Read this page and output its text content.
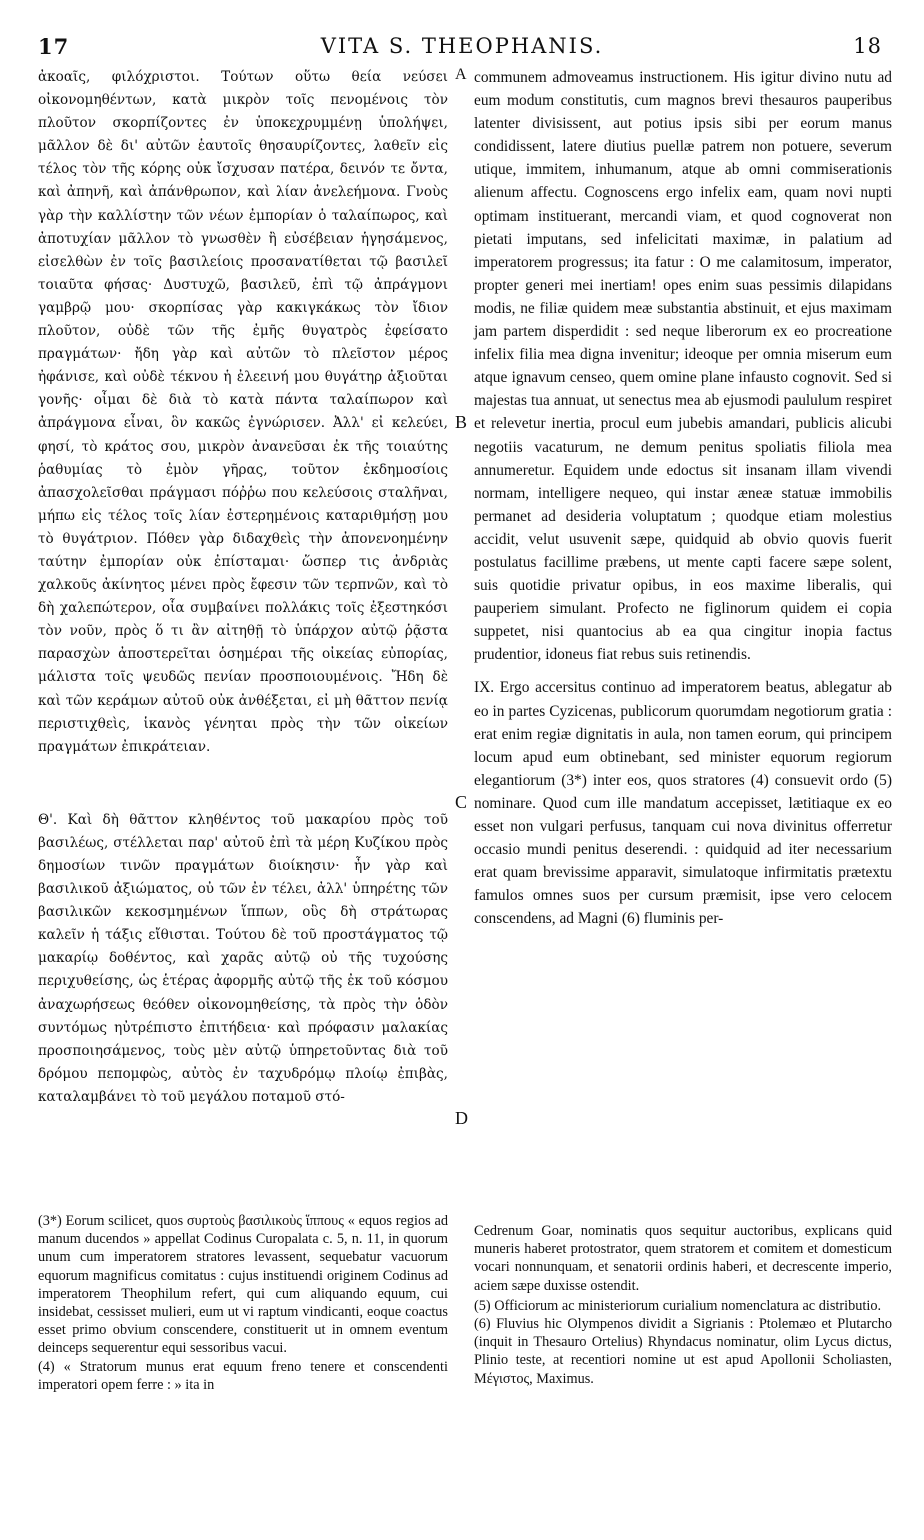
17	VITA S. THEOPHANIS.	18

ἀκοαῖς, φιλόχριστοι. Τούτων οὕτω θεία νεύσει οἰκονομηθέντων, κατὰ μικρὸν τοῖς πενομένοις τὸν πλοῦτον σκορπίζοντες ἐν ὑποκεχρυμμένῃ ὑπολήψει, μᾶλλον δὲ δι' αὐτῶν ἑαυτοῖς θησαυρίζοντες, λαθεῖν εἰς τέλος τὸν τῆς κόρης οὐκ ἴσχυσαν πατέρα, δεινόν τε ὄντα, καὶ ἀπηνῆ, καὶ ἀπάνθρωπον, καὶ λίαν ἀνελεήμονα. Γνοὺς γὰρ τὴν καλλίστην τῶν νέων ἐμπορίαν ὁ ταλαίπωρος, καὶ ἀποτυχίαν μᾶλλον τὸ γνωσθὲν ἢ εὐσέβειαν ἡγησάμενος, εἰσελθὼν ἐν τοῖς βασιλείοις προσανατίθεται τῷ βασιλεῖ τοιαῦτα φήσας· Δυστυχῶ, βασιλεῦ, ἐπὶ τῷ ἀπράγμονι γαμβρῷ μου· σκορπίσας γὰρ κακιγκάκως τὸν ἴδιον πλοῦτον, οὐδὲ τῶν τῆς ἐμῆς θυγατρὸς ἐφείσατο πραγμάτων· ἤδη γὰρ καὶ αὐτῶν τὸ πλεῖστον μέρος ἠφάνισε, καὶ οὐδὲ τέκνου ἡ ἐλεεινή μου θυγάτηρ ἀξιοῦται γονῆς· οἶμαι δὲ διὰ τὸ κατὰ πάντα ταλαίπωρον καὶ ἀπράγμονα εἶναι, ὃν κακῶς ἐγνώρισεν. Ἀλλ' εἰ κελεύει, φησί, τὸ κράτος σου, μικρὸν ἀνανεῦσαι ἐκ τῆς τοιαύτης ῥαθυμίας τὸ ἐμὸν γῆρας, τοῦτον ἐκδημοσίοις ἀπασχολεῖσθαι πράγμασι πόῤῥω που κελεύσοις σταλῆναι, μήπω εἰς τέλος τοῖς λίαν ἐστερημένοις καταριθμήσῃ μου τὸ θυγάτριον. Πόθεν γὰρ διδαχθεὶς τὴν ἀπονενοημένην ταύτην ἐμπορίαν οὐκ ἐπίσταμαι· ὥσπερ τις ἀνδριὰς χαλκοῦς ἀκίνητος μένει πρὸς ἔφεσιν τῶν τερπνῶν, καὶ τὸ δὴ χαλεπώτερον, οἷα συμβαίνει πολλάκις τοῖς ἐξεστηκόσι τὸν νοῦν, πρὸς ὅ τι ἂν αἰτηθῇ τὸ ὑπάρχον αὐτῷ ῥᾷστα παρασχὼν ἀποστερεῖται ὁσημέραι τῆς οἰκείας εὐπορίας, μάλιστα τοῖς ψευδῶς πενίαν προσποιουμένοις. Ἤδη δὲ καὶ τῶν κεράμων αὐτοῦ οὐκ ἀνθέξεται, εἰ μὴ θᾶττον πενίᾳ περιστιχθεὶς, ἱκανὸς γένηται πρὸς τὴν τῶν οἰκείων πραγμάτων ἐπικράτειαν.

Θ'. Καὶ δὴ θᾶττον κληθέντος τοῦ μακαρίου πρὸς τοῦ βασιλέως, στέλλεται παρ' αὐτοῦ ἐπὶ τὰ μέρη Κυζίκου πρὸς δημοσίων τινῶν πραγμάτων διοίκησιν· ἦν γὰρ καὶ βασιλικοῦ ἀξιώματος, οὐ τῶν ἐν τέλει, ἀλλ' ὑπηρέτης τῶν βασιλικῶν κεκοσμημένων ἵππων, οὓς δὴ στράτωρας καλεῖν ἡ τάξις εἴθισται. Τούτου δὲ τοῦ προστάγματος τῷ μακαρίῳ δοθέντος, καὶ χαρᾶς αὐτῷ οὐ τῆς τυχούσης περιχυθείσης, ὡς ἑτέρας ἀφορμῆς αὐτῷ τῆς ἐκ τοῦ κόσμου ἀναχωρήσεως θεόθεν οἰκονομηθείσης, τὰ πρὸς τὴν ὁδὸν συντόμως ηὐτρέπιστο ἐπιτήδεια· καὶ πρόφασιν μαλακίας προσποιησάμενος, τοὺς μὲν αὐτῷ ὑπηρετοῦντας διὰ τοῦ δρόμου πεπομφὼς, αὐτὸς ἐν ταχυδρόμῳ πλοίῳ ἐπιβὰς, καταλαμβάνει τὸ τοῦ μεγάλου ποταμοῦ στό-

A
B
C
D

communem admoveamus instructionem. His igitur divino nutu ad eum modum constitutis, cum magnos brevi thesauros pauperibus latenter divisissent, aut potius ipsis sibi per eorum manus condidissent, latere diutius puellæ patrem non potuere, severum utique, immitem, inhumanum, atque ab omni commiserationis alienum affectu. Cognoscens ergo infelix eam, quam novi nupti optimam instituerant, mercandi viam, et quod cognoverat non pietati imputans, sed infelicitati maximæ, in palatium ad imperatorem progressus; ita fatur : O me calamitosum, imperator, propter generi mei inertiam! opes enim suas pessimis dilapidans modis, ne filiæ quidem meæ substantia abstinuit, et ejus maximam jam partem disperdidit : sed neque liberorum ex eo procreatione infelix filia mea digna invenitur; ideoque per omnia miserum eum atque ignavum censeo, quem omine plane infausto cognovit. Sed si majestas tua annuat, ut senectus mea ab ejusmodi paululum respiret et relevetur inertia, procul eum jubebis amandari, publicis alicubi negotiis vacaturum, ne demum penitus spoliatis filiola mea annumeretur. Equidem unde edoctus sit insanam illam vivendi normam, intelligere nequeo, qui instar æneæ statuæ immobilis permanet ad desideria voluptatum ; quodque etiam molestius accidit, velut usuvenit sæpe, quidquid ab obvio quovis fuerit postulatus facillime præbens, ut mente capti facere sæpe solent, suis quotidie privatur opibus, in eos maxime liberalis, qui pauperiem simulant. Profecto ne figlinorum quidem ei copia suppetet, nisi quantocius ab ea qua cingitur inopia factus prudentior, idoneus fiat rebus suis retinendis.

IX. Ergo accersitus continuo ad imperatorem beatus, ablegatur ab eo in partes Cyzicenas, publicorum quorumdam negotiorum gratia : erat enim regiæ dignitatis in aula, non tamen eorum, qui principem locum apud eum obtinebant, sed minister equorum regiorum elegantiorum (3*) inter eos, quos stratores (4) consuevit ordo (5) nominare. Quod cum ille mandatum accepisset, lætitiaque ex eo esset non vulgari perfusus, tanquam cui nova divinitus offerretur occasio mundi penitus deserendi. : quidquid ad iter necessarium erat quam brevissime apparavit, simulatoque infirmitatis prætextu famulos omnes suos per cursum præmisit, ipse vero celocem conscendens, ad Magni (6) fluminis per-

(3*) Eorum scilicet, quos συρτοὺς βασιλικοὺς ἵππους « equos regios ad manum ducendos » appellat Codinus Curopalata c. 5, n. 11, in quorum unum cum imperatorem stratores levassent, sequebatur vacuorum equorum magnificus comitatus : cujus instituendi originem Codinus ad imperatorem Theophilum refert, qui cum aliquando equum, cui insidebat, cessisset mulieri, eum ut vi raptum vindicanti, eoque coactus esset primo obvium conscendere, constituerit ut in omnem eventum deinceps sequerentur equi sessoribus vacui.

(4) « Stratorum munus erat equum freno tenere et conscendenti imperatori opem ferre : » ita in

Cedrenum Goar, nominatis quos sequitur auctoribus, explicans quid muneris haberet protostrator, quem stratorem et comitem et domesticum vocari nonnunquam, et senatorii ordinis haberi, et decrescente imperio, aciem sæpe duxisse ostendit.

(5) Officiorum ac ministeriorum curialium nomenclatura ac distributio.

(6) Fluvius hic Olympenos dividit a Sigrianis : Ptolemæo et Plutarcho (inquit in Thesauro Ortelius) Rhyndacus nominatur, olim Lycus dictus, Plinio teste, at recentiori nomine ut est apud Apollonii Scholiasten, Μέγιστος, Maximus.
